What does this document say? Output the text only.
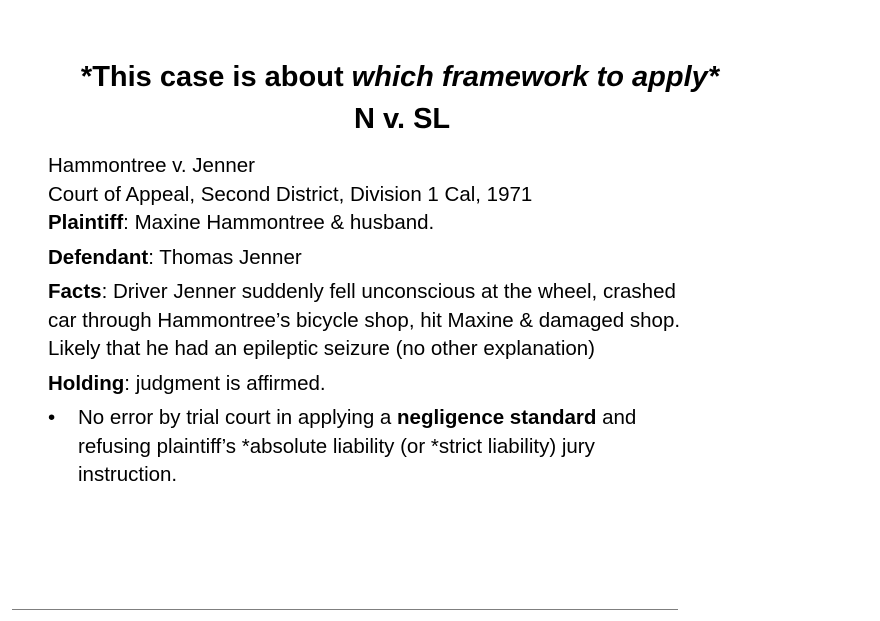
*This case is about which framework to apply*
N v. SL

Hammontree v. Jenner

Court of Appeal, Second District, Division 1 Cal, 1971

Plaintiff: Maxine Hammontree & husband.

Defendant: Thomas Jenner

Facts: Driver Jenner suddenly fell unconscious at the wheel, crashed

car through Hammontree’s bicycle shop, hit Maxine & damaged shop.

Likely that he had an epileptic seizure (no other explanation)

Holding: judgment is affirmed.

•	No error by trial court in applying a negligence standard and
refusing plaintiff’s *absolute liability (or *strict liability) jury
instruction.
